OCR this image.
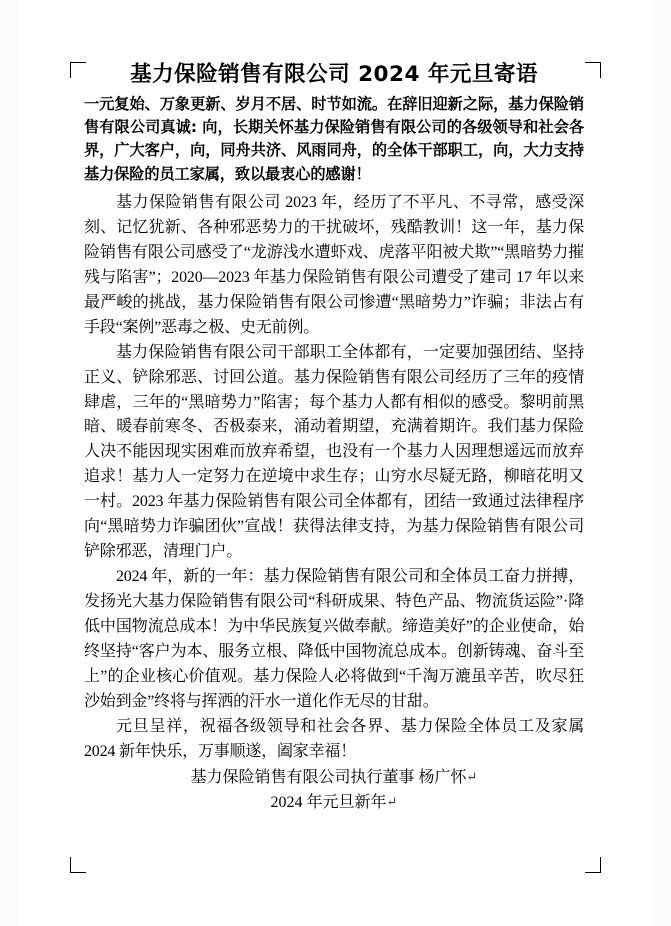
基力保险销售有限公司 2024 年元旦寄语
一元复始、万象更新、岁月不居、时节如流。在辞旧迎新之际，基力保险销售有限公司真诚: 向，长期关怀基力保险销售有限公司的各级领导和社会各界，广大客户，向，同舟共济、风雨同舟，的全体干部职工，向，大力支持基力保险的员工家属，致以最衷心的感谢！

基力保险销售有限公司 2023 年，经历了不平凡、不寻常，感受深刻、记忆犹新、各种邪恶势力的干扰破坏，残酷教训！这一年，基力保险销售有限公司感受了“龙游浅水遭虾戏、虎落平阳被犬欺”“黑暗势力摧残与陷害”；2020—2023 年基力保险销售有限公司遭受了建司 17 年以来最严峻的挑战，基力保险销售有限公司惨遭“黑暗势力”诈骗；非法占有手段“案例”恶毒之极、史无前例。

基力保险销售有限公司干部职工全体都有，一定要加强团结、坚持正义、铲除邪恶、讨回公道。基力保险销售有限公司经历了三年的疫情肆虐，三年的“黑暗势力”陷害；每个基力人都有相似的感受。黎明前黑暗、暖春前寒冬、否极泰来，涌动着期望，充满着期许。我们基力保险人决不能因现实困难而放弃希望，也没有一个基力人因理想遥远而放弃追求！基力人一定努力在逆境中求生存；山穷水尽疑无路，柳暗花明又一村。2023 年基力保险销售有限公司全体都有，团结一致通过法律程序向“黑暗势力诈骗团伙”宣战！获得法律支持，为基力保险销售有限公司铲除邪恶，清理门户。

2024 年，新的一年：基力保险销售有限公司和全体员工奋力拼搏，发扬光大基力保险销售有限公司“科研成果、特色产品、物流货运险”·降低中国物流总成本！为中华民族复兴做奉献。缔造美好”的企业使命，始终坚持“客户为本、服务立根、降低中国物流总成本。创新铸魂、奋斗至上”的企业核心价值观。基力保险人必将做到“千淘万漉虽辛苦，吹尽狂沙始到金”终将与挥洒的汗水一道化作无尽的甘甜。

元旦呈祥，祝福各级领导和社会各界、基力保险全体员工及家属 2024 新年快乐，万事顺遂，阖家幸福！

基力保险销售有限公司执行董事 杨广怀↵

2024 年元旦新年↵
